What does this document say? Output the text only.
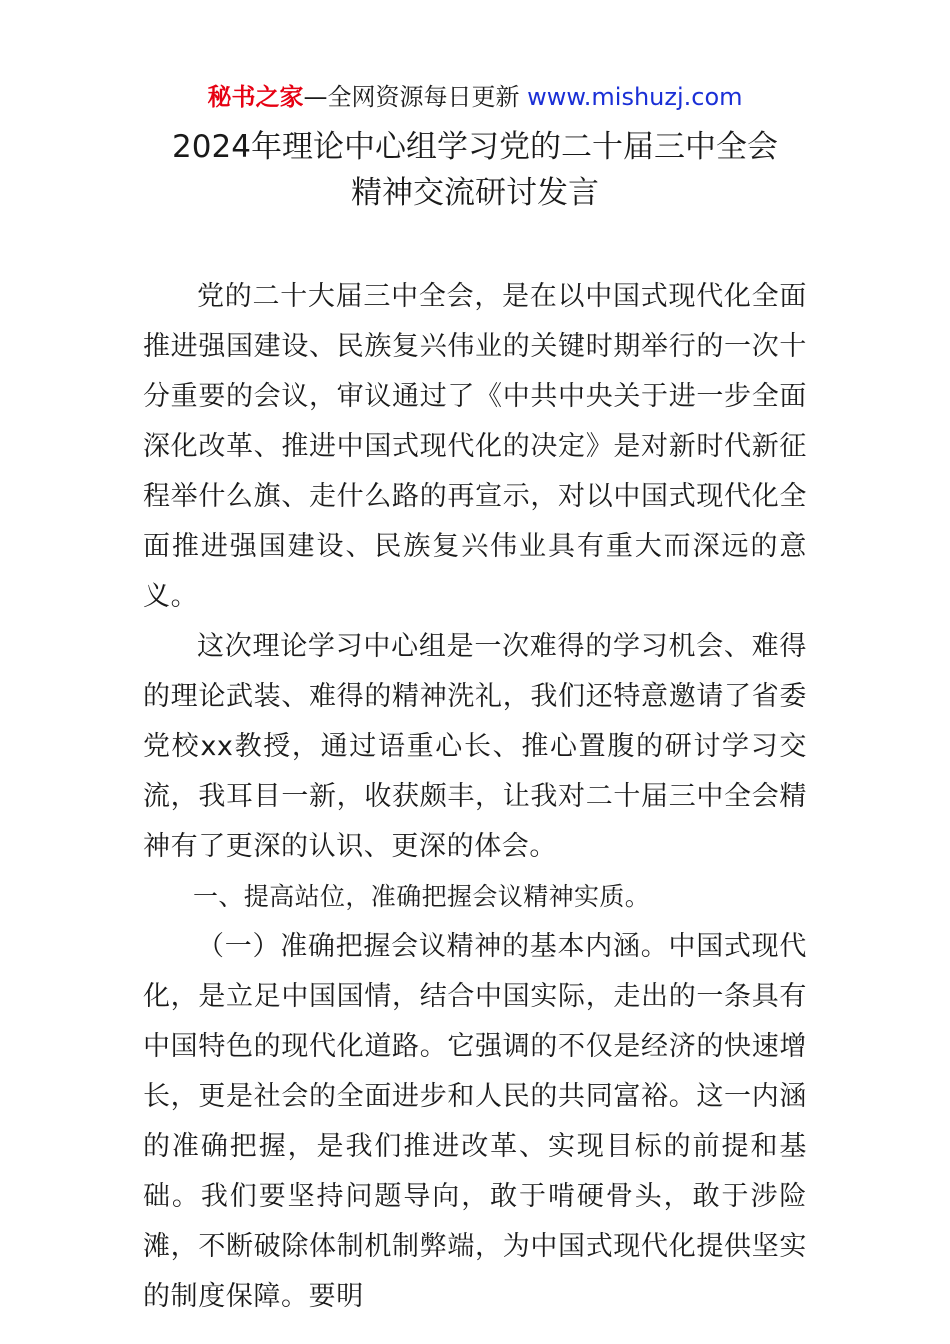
秘书之家—全网资源每日更新 www.mishuzj.com
2024年理论中心组学习党的二十届三中全会
精神交流研讨发言

党的二十大届三中全会，是在以中国式现代化全面推进强国建设、民族复兴伟业的关键时期举行的一次十分重要的会议，审议通过了《中共中央关于进一步全面深化改革、推进中国式现代化的决定》是对新时代新征程举什么旗、走什么路的再宣示，对以中国式现代化全面推进强国建设、民族复兴伟业具有重大而深远的意义。

这次理论学习中心组是一次难得的学习机会、难得的理论武装、难得的精神洗礼，我们还特意邀请了省委党校xx教授，通过语重心长、推心置腹的研讨学习交流，我耳目一新，收获颇丰，让我对二十届三中全会精神有了更深的认识、更深的体会。

一、提高站位，准确把握会议精神实质。

（一）准确把握会议精神的基本内涵。中国式现代化，是立足中国国情，结合中国实际，走出的一条具有中国特色的现代化道路。它强调的不仅是经济的快速增长，更是社会的全面进步和人民的共同富裕。这一内涵的准确把握，是我们推进改革、实现目标的前提和基础。我们要坚持问题导向，敢于啃硬骨头，敢于涉险滩，不断破除体制机制弊端，为中国式现代化提供坚实的制度保障。要明
